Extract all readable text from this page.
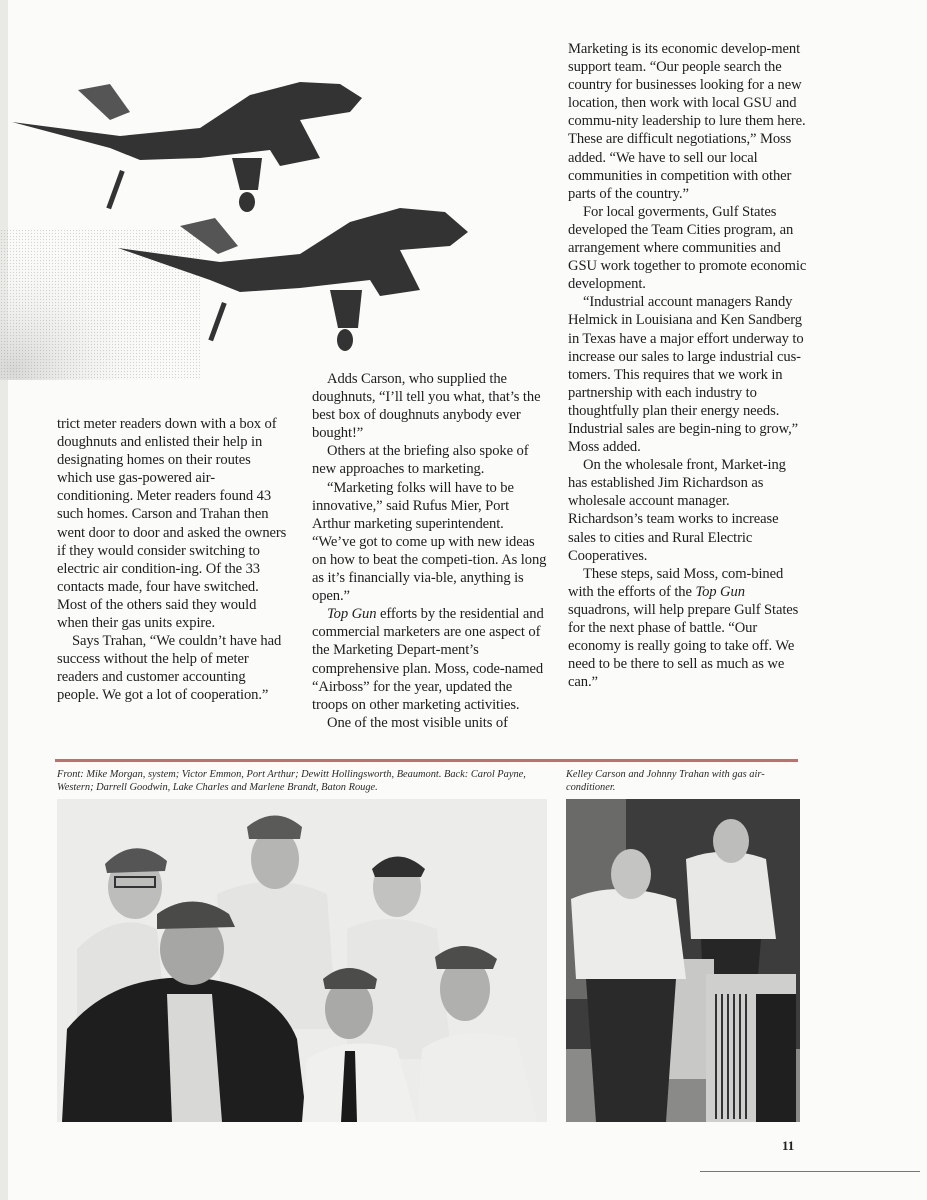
trict meter readers down with a box of doughnuts and enlisted their help in designating homes on their routes which use gas-powered air-conditioning. Meter readers found 43 such homes. Carson and Trahan then went door to door and asked the owners if they would consider switching to electric air condition-ing. Of the 33 contacts made, four have switched. Most of the others said they would when their gas units expire.

Says Trahan, “We couldn’t have had success without the help of meter readers and customer accounting people. We got a lot of cooperation.”

Adds Carson, who supplied the doughnuts, “I’ll tell you what, that’s the best box of doughnuts anybody ever bought!”

Others at the briefing also spoke of new approaches to marketing.

“Marketing folks will have to be innovative,” said Rufus Mier, Port Arthur marketing superintendent. “We’ve got to come up with new ideas on how to beat the competi-tion. As long as it’s financially via-ble, anything is open.”

Top Gun efforts by the residential and commercial marketers are one aspect of the Marketing Depart-ment’s comprehensive plan. Moss, code-named “Airboss” for the year, updated the troops on other marketing activities.

One of the most visible units of

Marketing is its economic develop-ment support team. “Our people search the country for businesses looking for a new location, then work with local GSU and commu-nity leadership to lure them here. These are difficult negotiations,” Moss added. “We have to sell our local communities in competition with other parts of the country.”

For local goverments, Gulf States developed the Team Cities program, an arrangement where communities and GSU work together to promote economic development.

“Industrial account managers Randy Helmick in Louisiana and Ken Sandberg in Texas have a major effort underway to increase our sales to large industrial cus-tomers. This requires that we work in partnership with each industry to thoughtfully plan their energy needs. Industrial sales are begin-ning to grow,” Moss added.

On the wholesale front, Market-ing has established Jim Richardson as wholesale account manager. Richardson’s team works to increase sales to cities and Rural Electric Cooperatives.

These steps, said Moss, com-bined with the efforts of the Top Gun squadrons, will help prepare Gulf States for the next phase of battle. “Our economy is really going to take off. We need to be there to sell as much as we can.”

Front: Mike Morgan, system; Victor Emmon, Port Arthur; Dewitt Hollingsworth, Beaumont. Back: Carol Payne, Western; Darrell Goodwin, Lake Charles and Marlene Brandt, Baton Rouge.
Kelley Carson and Johnny Trahan with gas air-conditioner.
11
